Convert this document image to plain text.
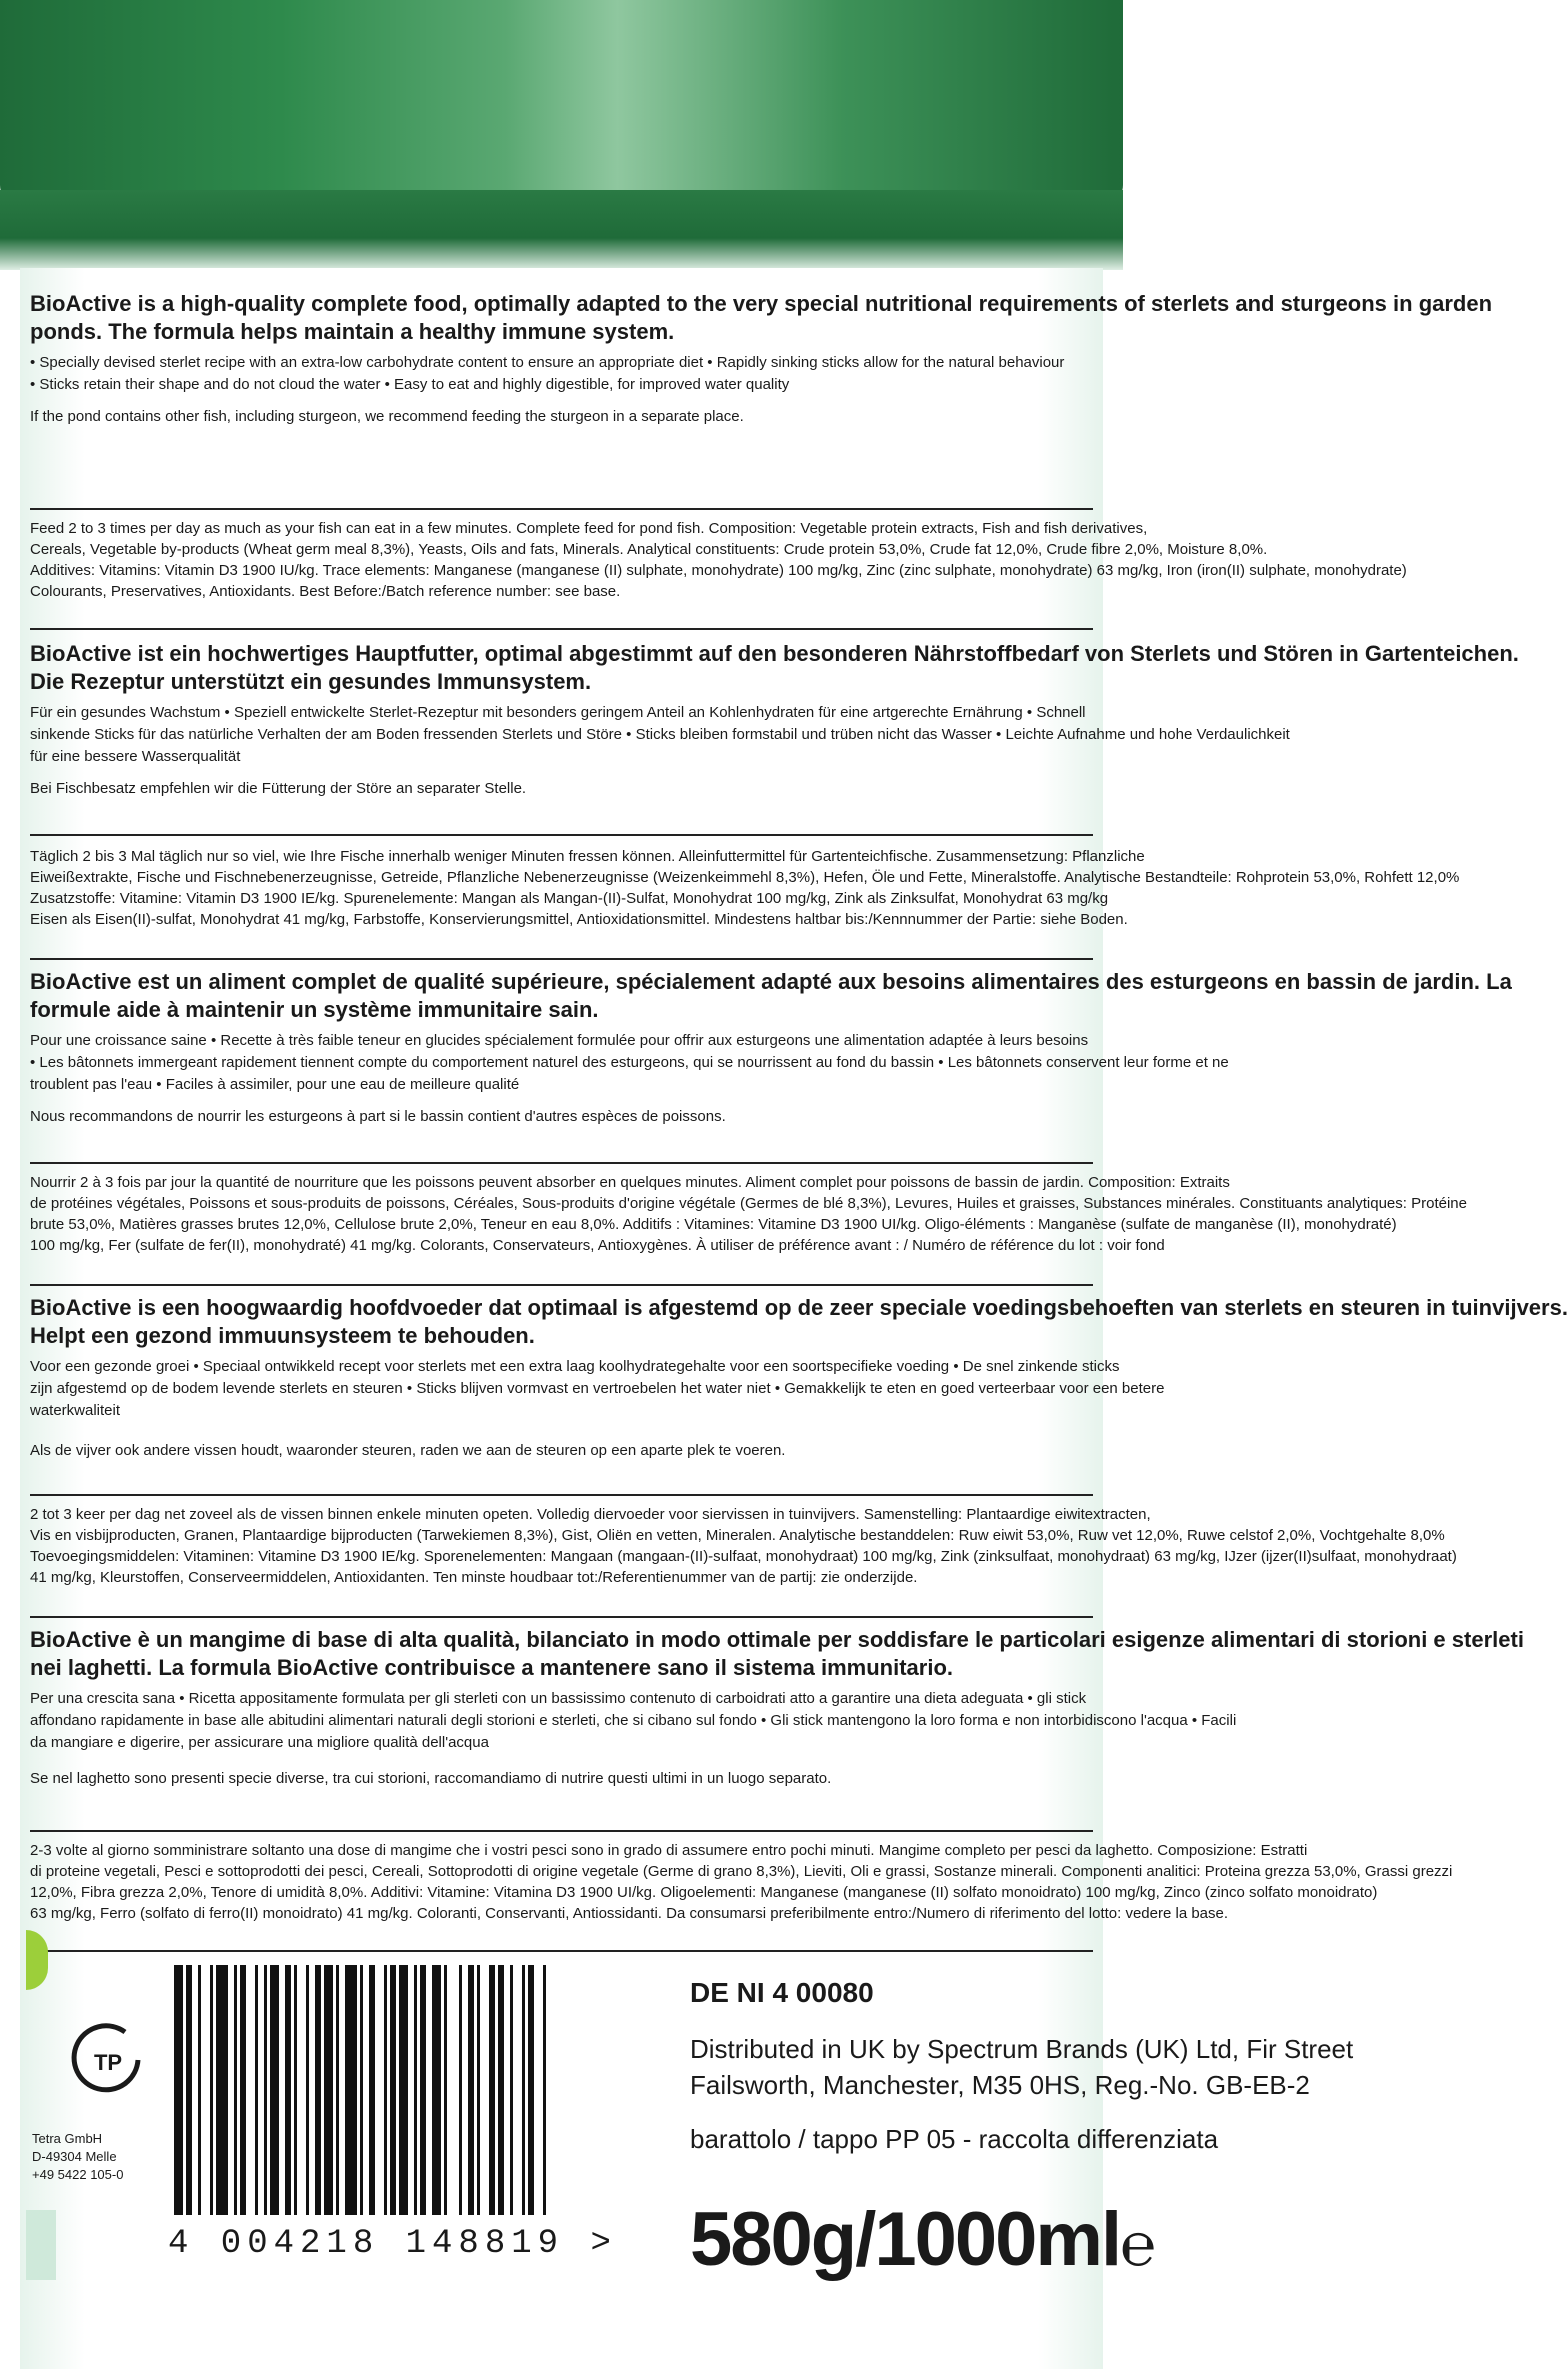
BioActive is a high-quality complete food, optimally adapted to the very special nutritional requirements of sterlets and sturgeons in garden
ponds. The formula helps maintain a healthy immune system.
• Specially devised sterlet recipe with an extra-low carbohydrate content to ensure an appropriate diet • Rapidly sinking sticks allow for the natural behaviour
• Sticks retain their shape and do not cloud the water • Easy to eat and highly digestible, for improved water quality
If the pond contains other fish, including sturgeon, we recommend feeding the sturgeon in a separate place.
Feed 2 to 3 times per day as much as your fish can eat in a few minutes. Complete feed for pond fish. Composition: Vegetable protein extracts, Fish and fish derivatives,
Cereals, Vegetable by-products (Wheat germ meal 8,3%), Yeasts, Oils and fats, Minerals. Analytical constituents: Crude protein 53,0%, Crude fat 12,0%, Crude fibre 2,0%, Moisture 8,0%.
Additives: Vitamins: Vitamin D3 1900 IU/kg. Trace elements: Manganese (manganese (II) sulphate, monohydrate) 100 mg/kg, Zinc (zinc sulphate, monohydrate) 63 mg/kg, Iron (iron(II) sulphate, monohydrate)
Colourants, Preservatives, Antioxidants. Best Before:/Batch reference number: see base.
BioActive ist ein hochwertiges Hauptfutter, optimal abgestimmt auf den besonderen Nährstoffbedarf von Sterlets und Stören in Gartenteichen.
Die Rezeptur unterstützt ein gesundes Immunsystem.
Für ein gesundes Wachstum • Speziell entwickelte Sterlet-Rezeptur mit besonders geringem Anteil an Kohlenhydraten für eine artgerechte Ernährung • Schnell
sinkende Sticks für das natürliche Verhalten der am Boden fressenden Sterlets und Störe • Sticks bleiben formstabil und trüben nicht das Wasser • Leichte Aufnahme und hohe Verdaulichkeit
für eine bessere Wasserqualität
Bei Fischbesatz empfehlen wir die Fütterung der Störe an separater Stelle.
Täglich 2 bis 3 Mal täglich nur so viel, wie Ihre Fische innerhalb weniger Minuten fressen können. Alleinfuttermittel für Gartenteichfische. Zusammensetzung: Pflanzliche
Eiweißextrakte, Fische und Fischnebenerzeugnisse, Getreide, Pflanzliche Nebenerzeugnisse (Weizenkeimmehl 8,3%), Hefen, Öle und Fette, Mineralstoffe. Analytische Bestandteile: Rohprotein 53,0%, Rohfett 12,0%
Zusatzstoffe: Vitamine: Vitamin D3 1900 IE/kg. Spurenelemente: Mangan als Mangan-(II)-Sulfat, Monohydrat 100 mg/kg, Zink als Zinksulfat, Monohydrat 63 mg/kg
Eisen als Eisen(II)-sulfat, Monohydrat 41 mg/kg, Farbstoffe, Konservierungsmittel, Antioxidationsmittel. Mindestens haltbar bis:/Kennnummer der Partie: siehe Boden.
BioActive est un aliment complet de qualité supérieure, spécialement adapté aux besoins alimentaires des esturgeons en bassin de jardin. La
formule aide à maintenir un système immunitaire sain.
Pour une croissance saine • Recette à très faible teneur en glucides spécialement formulée pour offrir aux esturgeons une alimentation adaptée à leurs besoins
• Les bâtonnets immergeant rapidement tiennent compte du comportement naturel des esturgeons, qui se nourrissent au fond du bassin • Les bâtonnets conservent leur forme et ne
troublent pas l'eau • Faciles à assimiler, pour une eau de meilleure qualité
Nous recommandons de nourrir les esturgeons à part si le bassin contient d'autres espèces de poissons.
Nourrir 2 à 3 fois par jour la quantité de nourriture que les poissons peuvent absorber en quelques minutes. Aliment complet pour poissons de bassin de jardin. Composition: Extraits
de protéines végétales, Poissons et sous-produits de poissons, Céréales, Sous-produits d'origine végétale (Germes de blé 8,3%), Levures, Huiles et graisses, Substances minérales. Constituants analytiques: Protéine
brute 53,0%, Matières grasses brutes 12,0%, Cellulose brute 2,0%, Teneur en eau 8,0%. Additifs : Vitamines: Vitamine D3 1900 UI/kg. Oligo-éléments : Manganèse (sulfate de manganèse (II), monohydraté)
100 mg/kg, Fer (sulfate de fer(II), monohydraté) 41 mg/kg. Colorants, Conservateurs, Antioxygènes. À utiliser de préférence avant : / Numéro de référence du lot : voir fond
BioActive is een hoogwaardig hoofdvoeder dat optimaal is afgestemd op de zeer speciale voedingsbehoeften van sterlets en steuren in tuinvijvers.
Helpt een gezond immuunsysteem te behouden.
Voor een gezonde groei • Speciaal ontwikkeld recept voor sterlets met een extra laag koolhydrategehalte voor een soortspecifieke voeding • De snel zinkende sticks
zijn afgestemd op de bodem levende sterlets en steuren • Sticks blijven vormvast en vertroebelen het water niet • Gemakkelijk te eten en goed verteerbaar voor een betere
waterkwaliteit
Als de vijver ook andere vissen houdt, waaronder steuren, raden we aan de steuren op een aparte plek te voeren.
2 tot 3 keer per dag net zoveel als de vissen binnen enkele minuten opeten. Volledig diervoeder voor siervissen in tuinvijvers. Samenstelling: Plantaardige eiwitextracten,
Vis en visbijproducten, Granen, Plantaardige bijproducten (Tarwekiemen 8,3%), Gist, Oliën en vetten, Mineralen. Analytische bestanddelen: Ruw eiwit 53,0%, Ruw vet 12,0%, Ruwe celstof 2,0%, Vochtgehalte 8,0%
Toevoegingsmiddelen: Vitaminen: Vitamine D3 1900 IE/kg. Sporenelementen: Mangaan (mangaan-(II)-sulfaat, monohydraat) 100 mg/kg, Zink (zinksulfaat, monohydraat) 63 mg/kg, IJzer (ijzer(II)sulfaat, monohydraat)
41 mg/kg, Kleurstoffen, Conserveermiddelen, Antioxidanten. Ten minste houdbaar tot:/Referentienummer van de partij: zie onderzijde.
BioActive è un mangime di base di alta qualità, bilanciato in modo ottimale per soddisfare le particolari esigenze alimentari di storioni e sterleti
nei laghetti. La formula BioActive contribuisce a mantenere sano il sistema immunitario.
Per una crescita sana • Ricetta appositamente formulata per gli sterleti con un bassissimo contenuto di carboidrati atto a garantire una dieta adeguata • gli stick
affondano rapidamente in base alle abitudini alimentari naturali degli storioni e sterleti, che si cibano sul fondo • Gli stick mantengono la loro forma e non intorbidiscono l'acqua • Facili
da mangiare e digerire, per assicurare una migliore qualità dell'acqua
Se nel laghetto sono presenti specie diverse, tra cui storioni, raccomandiamo di nutrire questi ultimi in un luogo separato.
2-3 volte al giorno somministrare soltanto una dose di mangime che i vostri pesci sono in grado di assumere entro pochi minuti. Mangime completo per pesci da laghetto. Composizione: Estratti
di proteine vegetali, Pesci e sottoprodotti dei pesci, Cereali, Sottoprodotti di origine vegetale (Germe di grano 8,3%), Lieviti, Oli e grassi, Sostanze minerali. Componenti analitici: Proteina grezza 53,0%, Grassi grezzi
12,0%, Fibra grezza 2,0%, Tenore di umidità 8,0%. Additivi: Vitamine: Vitamina D3 1900 UI/kg. Oligoelementi: Manganese (manganese (II) solfato monoidrato) 100 mg/kg, Zinco (zinco solfato monoidrato)
63 mg/kg, Ferro (solfato di ferro(II) monoidrato) 41 mg/kg. Coloranti, Conservanti, Antiossidanti. Da consumarsi preferibilmente entro:/Numero di riferimento del lotto: vedere la base.
TP
Tetra GmbH
D-49304 Melle
+49 5422 105-0
4 004218 148819 >
DE NI 4 00080
Distributed in UK by Spectrum Brands (UK) Ltd, Fir Street
Failsworth, Manchester, M35 0HS, Reg.-No. GB-EB-2
barattolo / tappo PP 05 - raccolta differenziata
580g/1000ml℮
